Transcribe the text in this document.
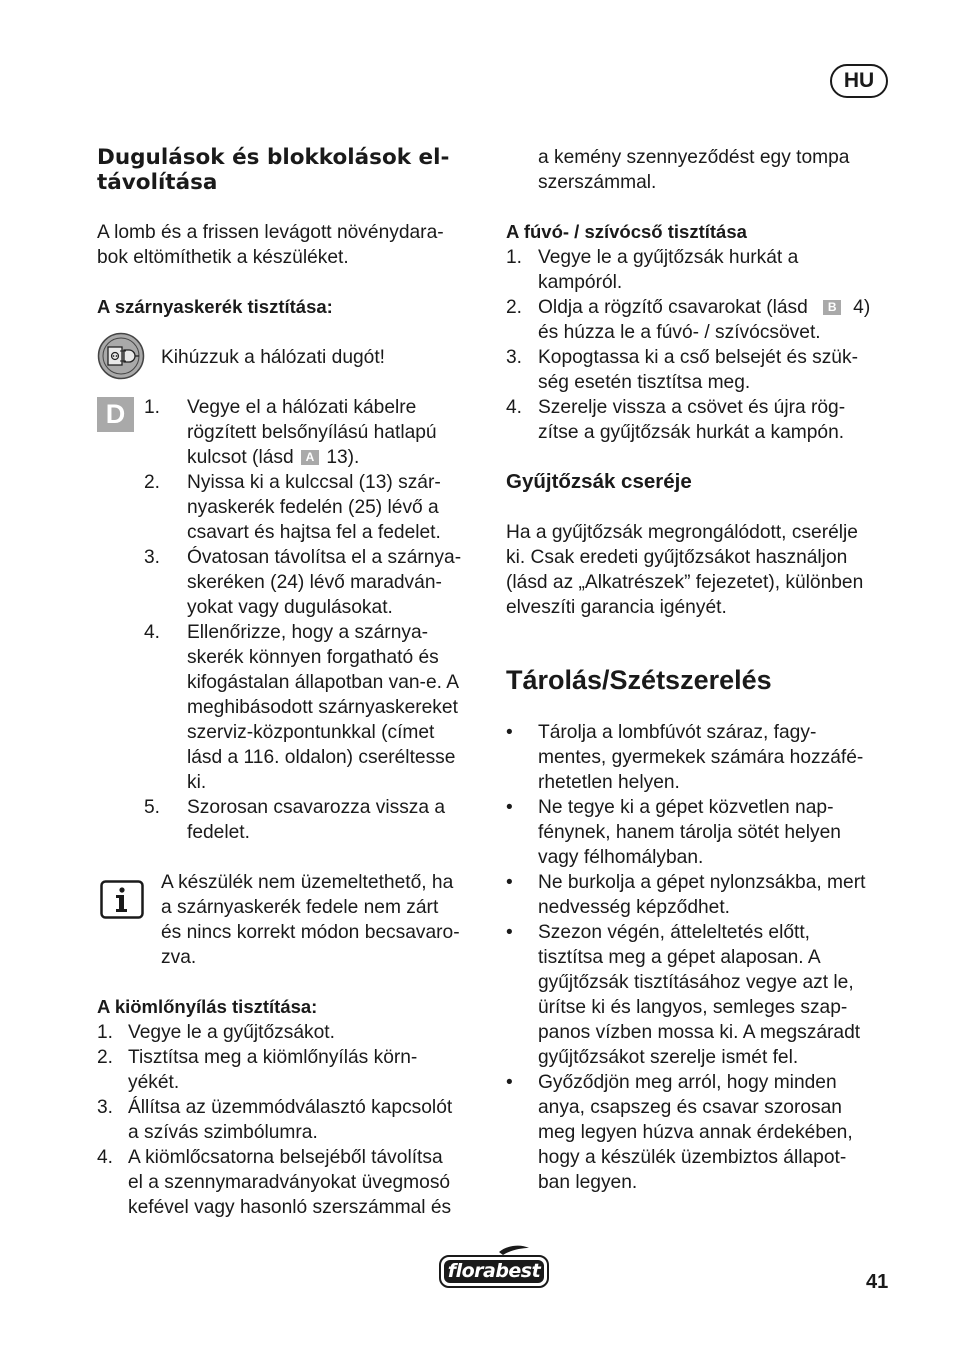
HU
Dugulások és blokkolások el-
távolítása
A lomb és a frissen levágott növénydara-
bok eltömíthetik a készüléket.
A szárnyaskerék tisztítása:
Kihúzzuk a hálózati dugót!
D 1. Vegye el a hálózati kábelre
rögzített belsőnyílású hatlapú
kulcsot (lásd A 13).
2. Nyissa ki a kulccsal (13) szár-
nyaskerék fedelén (25) lévő a
csavart és hajtsa fel a fedelet.
3. Óvatosan távolítsa el a szárnya-
skeréken (24) lévő maradván-
yokat vagy dugulásokat.
4. Ellenőrizze, hogy a szárnya-
skerék könnyen forgatható és
kifogástalan állapotban van-e. A
meghibásodott szárnyaskereket
szerviz-központunkkal (címet
lásd a 116. oldalon) cseréltesse
ki.
5. Szorosan csavarozza vissza a
fedelet.
A készülék nem üzemeltethető, ha
a szárnyaskerék fedele nem zárt
és nincs korrekt módon becsavaro-
zva.
A kiömlőnyílás tisztítása:
1. Vegye le a gyűjtőzsákot.
2. Tisztítsa meg a kiömlőnyílás körn-
yékét.
3. Állítsa az üzemmódválasztó kapcsolót
a szívás szimbólumra.
4. A kiömlőcsatorna belsejéből távolítsa
el a szennymaradványokat üvegmosó
kefével vagy hasonló szerszámmal és
a kemény szennyeződést egy tompa
szerszámmal.
A fúvó- / szívócső tisztítása
1. Vegye le a gyűjtőzsák hurkát a
kampóról.
2. Oldja a rögzítő csavarokat (lásd B 4)
és húzza le a fúvó- / szívócsövet.
3. Kopogtassa ki a cső belsejét és szük-
ség esetén tisztítsa meg.
4. Szerelje vissza a csövet és újra rög-
zítse a gyűjtőzsák hurkát a kampón.
Gyűjtőzsák cseréje
Ha a gyűjtőzsák megrongálódott, cserélje
ki. Csak eredeti gyűjtőzsákot használjon
(lásd az „Alkatrészek” fejezetet), különben
elveszíti garancia igényét.
Tárolás/Szétszerelés
• Tárolja a lombfúvót száraz, fagy-
mentes, gyermekek számára hozzáfé-
rhetetlen helyen.
• Ne tegye ki a gépet közvetlen nap-
fénynek, hanem tárolja sötét helyen
vagy félhomályban.
• Ne burkolja a gépet nylonzsákba, mert
nedvesség képződhet.
• Szezon végén, átteleltetés előtt,
tisztítsa meg a gépet alaposan. A
gyűjtőzsák tisztításához vegye azt le,
ürítse ki és langyos, semleges szap-
panos vízben mossa ki. A megszáradt
gyűjtőzsákot szerelje ismét fel.
• Győződjön meg arról, hogy minden
anya, csapszeg és csavar szorosan
meg legyen húzva annak érdekében,
hogy a készülék üzembiztos állapot-
ban legyen.
florabest	41
